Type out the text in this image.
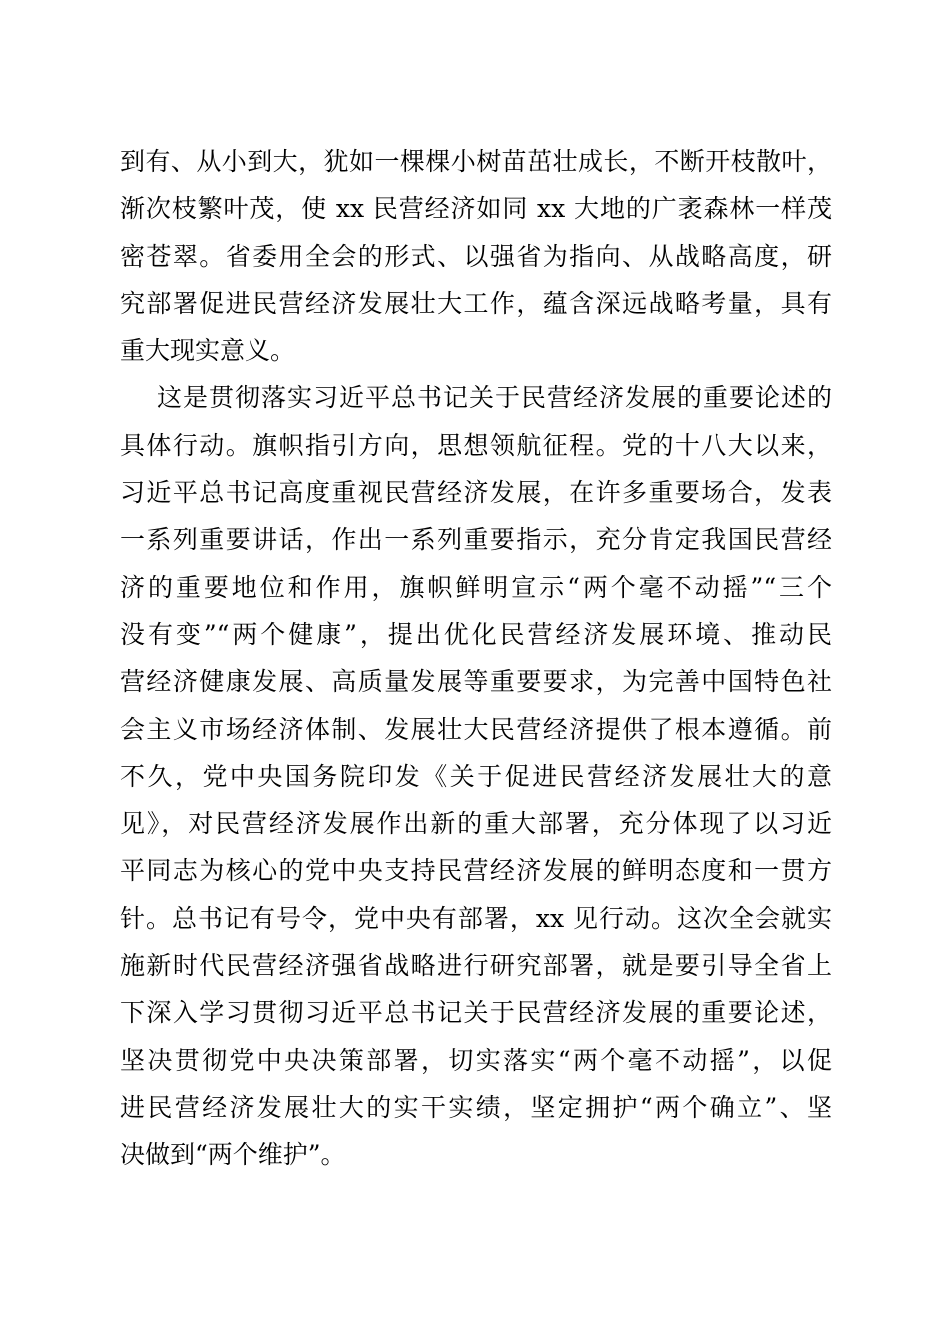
到有、从小到大，犹如一棵棵小树苗茁壮成长，不断开枝散叶，
渐次枝繁叶茂，使 xx 民营经济如同 xx 大地的广袤森林一样茂
密苍翠。省委用全会的形式、以强省为指向、从战略高度，研
究部署促进民营经济发展壮大工作，蕴含深远战略考量，具有
重大现实意义。
这是贯彻落实习近平总书记关于民营经济发展的重要论述的
具体行动。旗帜指引方向，思想领航征程。党的十八大以来，
习近平总书记高度重视民营经济发展，在许多重要场合，发表
一系列重要讲话，作出一系列重要指示，充分肯定我国民营经
济的重要地位和作用，旗帜鲜明宣示“两个毫不动摇”“三个
没有变”“两个健康”，提出优化民营经济发展环境、推动民
营经济健康发展、高质量发展等重要要求，为完善中国特色社
会主义市场经济体制、发展壮大民营经济提供了根本遵循。前
不久，党中央国务院印发《关于促进民营经济发展壮大的意
见》，对民营经济发展作出新的重大部署，充分体现了以习近
平同志为核心的党中央支持民营经济发展的鲜明态度和一贯方
针。总书记有号令，党中央有部署，xx 见行动。这次全会就实
施新时代民营经济强省战略进行研究部署，就是要引导全省上
下深入学习贯彻习近平总书记关于民营经济发展的重要论述，
坚决贯彻党中央决策部署，切实落实“两个毫不动摇”，以促
进民营经济发展壮大的实干实绩，坚定拥护“两个确立”、坚
决做到“两个维护”。
